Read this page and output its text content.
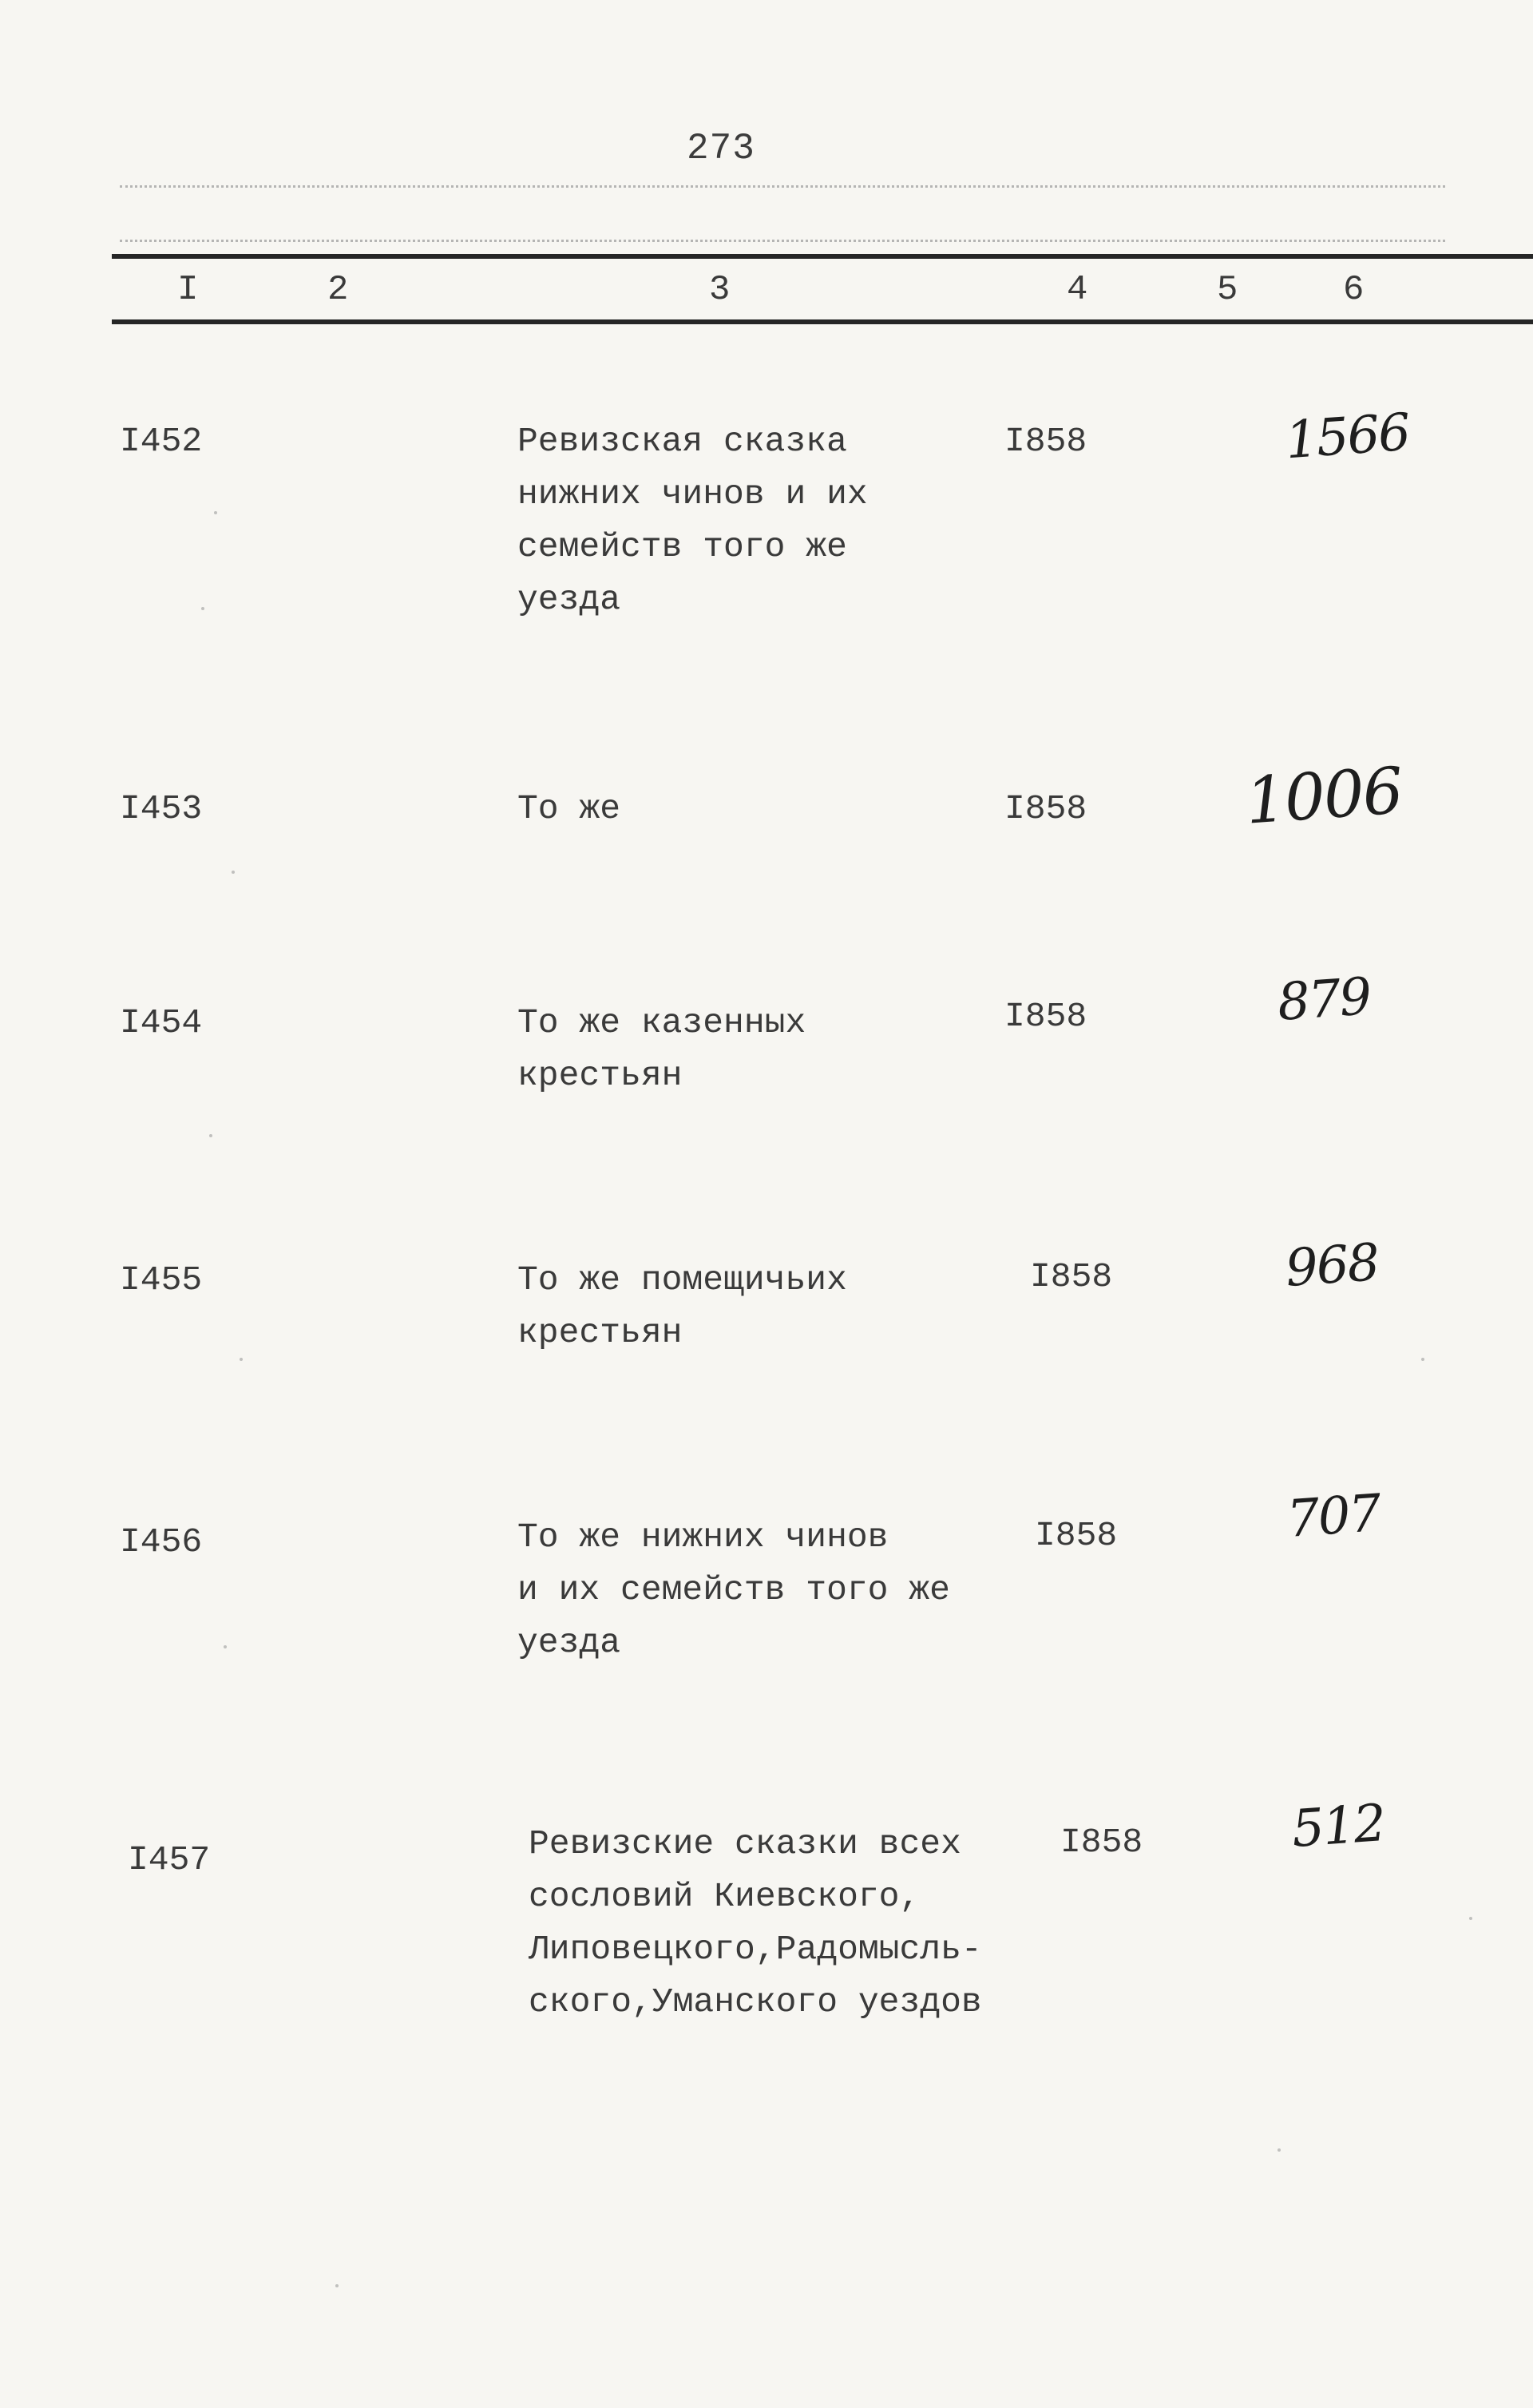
273
I	2	3	4	5	6
I452	Ревизская сказка
нижних чинов и их
семейств того же
уезда
I858	1566
I453	То же	I858 1006
I454	То же казенных
крестьян
I858	879
I455	То же помещичьих
крестьян
I858	968
I456	То же нижних чинов
и их семейств того же
уезда
I858	707
I457	Ревизские сказки всех
сословий Киевского,
Липовецкого,Радомысль-
ского,Уманского уездов
I858	512
